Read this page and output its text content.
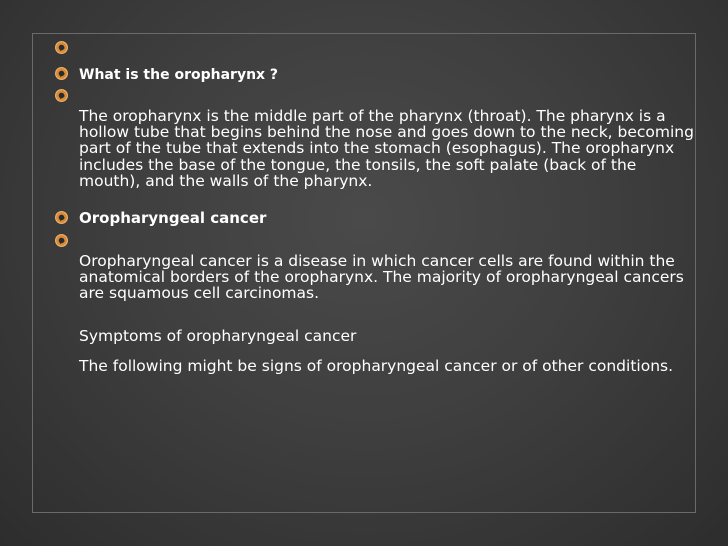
What is the oropharynx ?

The oropharynx is the middle part of the pharynx (throat). The pharynx is a hollow tube that begins behind the nose and goes down to the neck, becoming part of the tube that extends into the stomach (esophagus). The oropharynx includes the base of the tongue, the tonsils, the soft palate (back of the mouth), and the walls of the pharynx.

Oropharyngeal cancer

Oropharyngeal cancer is a disease in which cancer cells are found within the anatomical borders of the oropharynx. The majority of oropharyngeal cancers are squamous cell carcinomas.

Symptoms of oropharyngeal cancer

The following might be signs of oropharyngeal cancer or of other conditions.
